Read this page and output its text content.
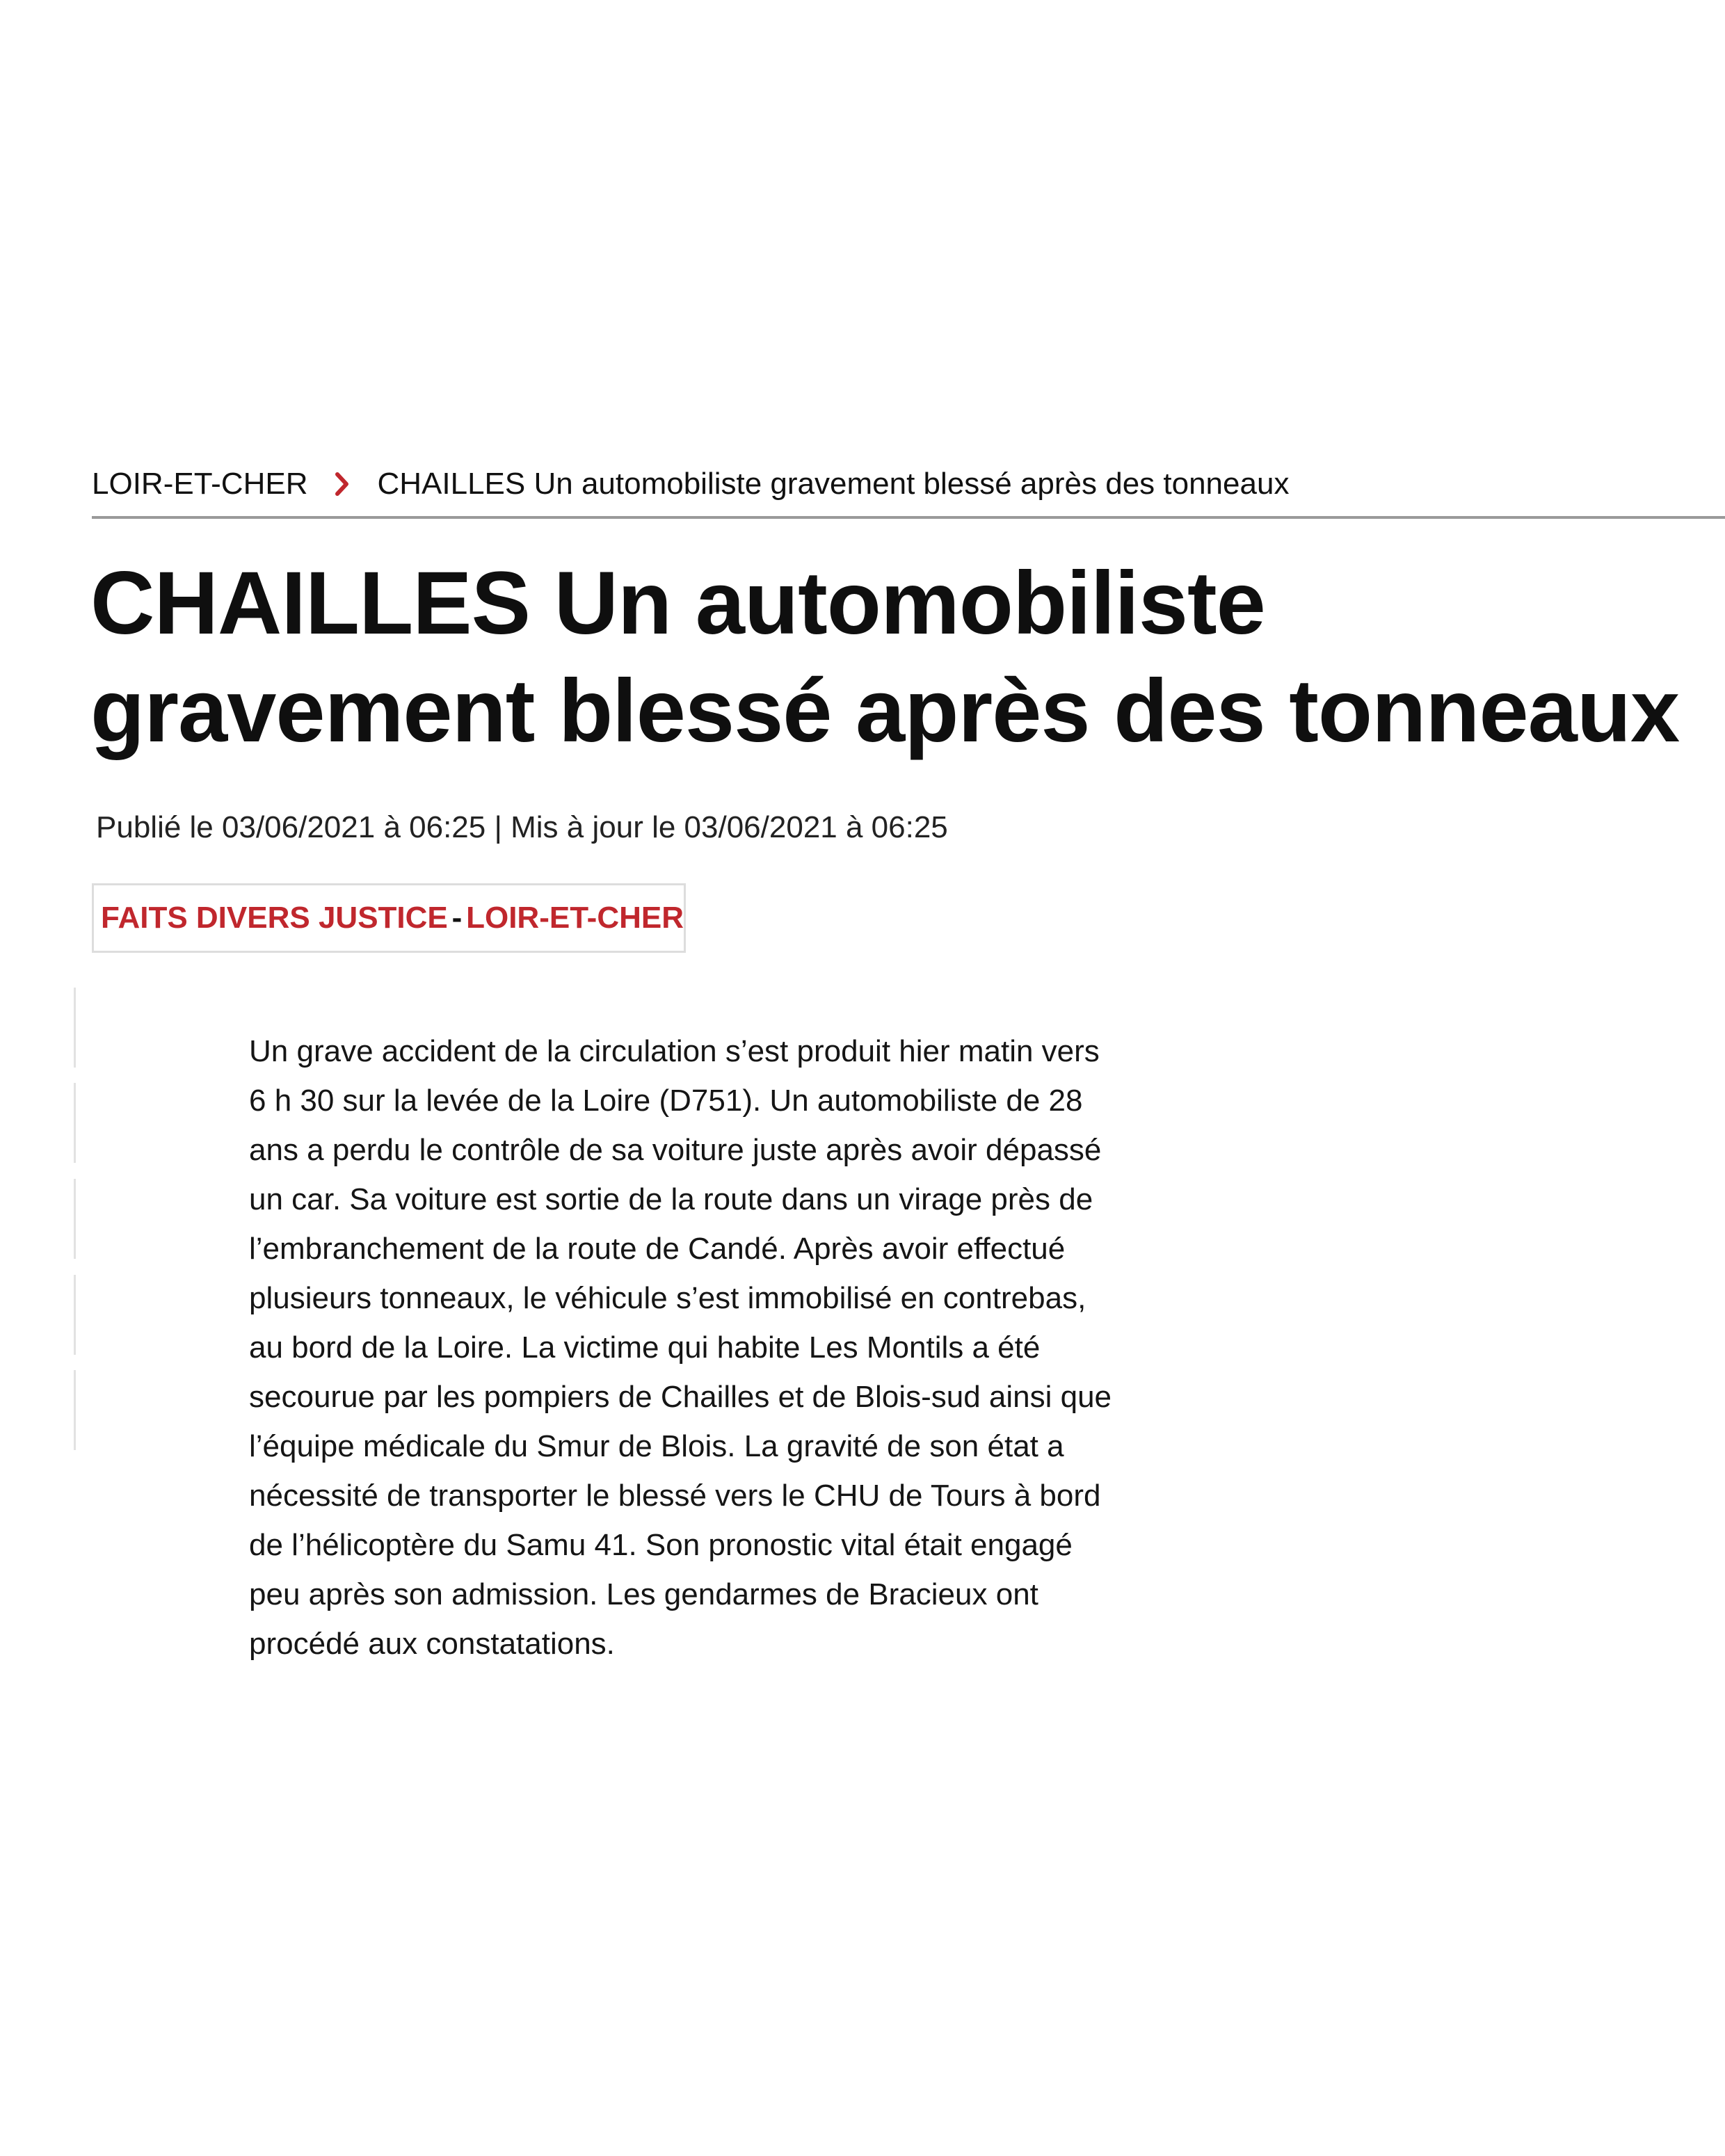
LOIR-ET-CHER CHAILLES Un automobiliste gravement blessé après des tonneaux
CHAILLES Un automobiliste gravement blessé après des tonneaux
Publié le 03/06/2021 à 06:25 | Mis à jour le 03/06/2021 à 06:25
FAITS DIVERS JUSTICE - LOIR-ET-CHER

Un grave accident de la circulation s’est produit hier matin vers 6 h 30 sur la levée de la Loire (D751). Un automobiliste de 28 ans a perdu le contrôle de sa voiture juste après avoir dépassé un car. Sa voiture est sortie de la route dans un virage près de l’embranchement de la route de Candé. Après avoir effectué plusieurs tonneaux, le véhicule s’est immobilisé en contrebas, au bord de la Loire. La victime qui habite Les Montils a été secourue par les pompiers de Chailles et de Blois-sud ainsi que l’équipe médicale du Smur de Blois. La gravité de son état a nécessité de transporter le blessé vers le CHU de Tours à bord de l’hélicoptère du Samu 41. Son pronostic vital était engagé peu après son admission. Les gendarmes de Bracieux ont procédé aux constatations.
